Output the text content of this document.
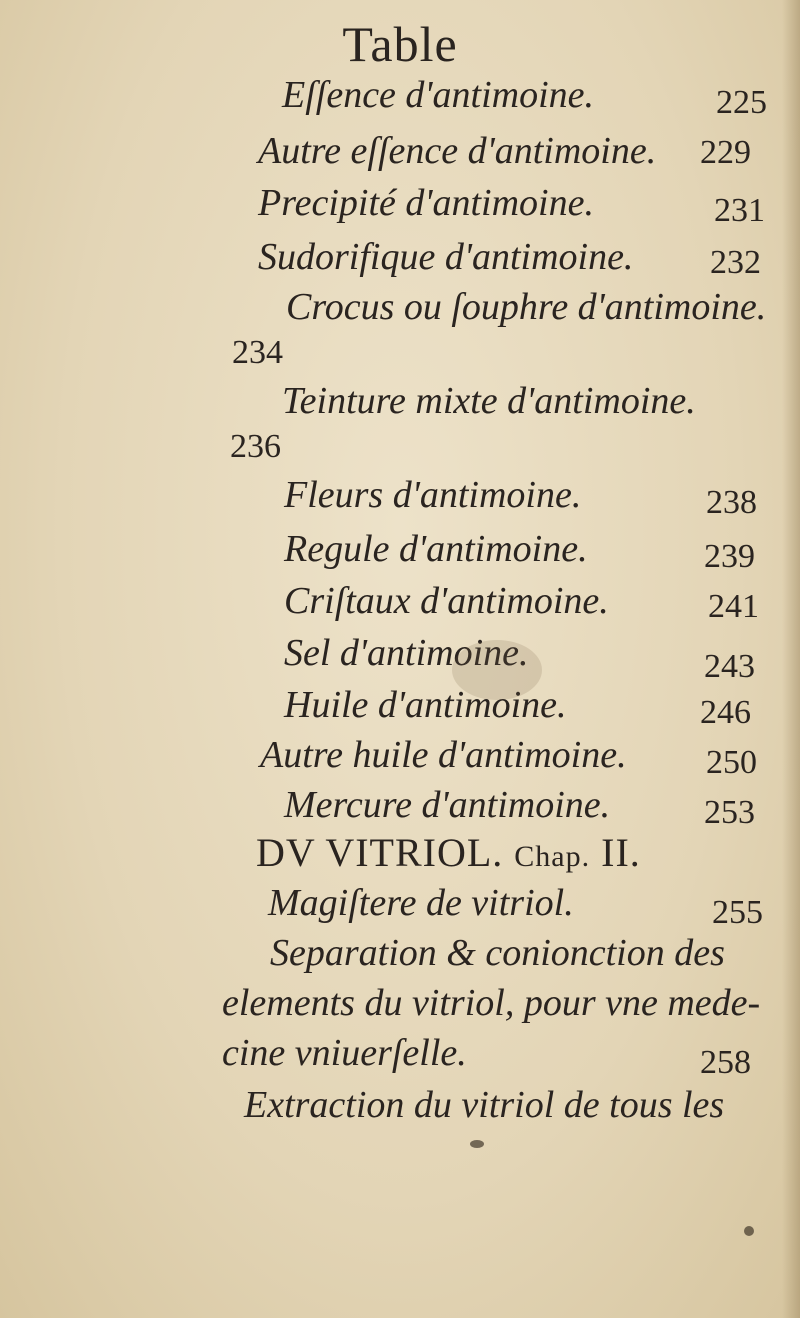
Table
Eſſence d'antimoine.	225
Autre eſſence d'antimoine. 229
Precipité d'antimoine.	231
Sudorifique d'antimoine. 232
Crocus ou ſouphre d'antimoine.
234
Teinture mixte d'antimoine.
236
Fleurs d'antimoine.	238
Regule d'antimoine.	239
Criſtaux d'antimoine.	241
Sel d'antimoine.	243
Huile d'antimoine.	246
Autre huile d'antimoine. 250
Mercure d'antimoine.	253
DV VITRIOL. Chap. II.
Magiſtere de vitriol.	255
Separation & conionction des
elements du vitriol, pour vne mede-
cine vniuerſelle.	258
Extraction du vitriol de tous les
